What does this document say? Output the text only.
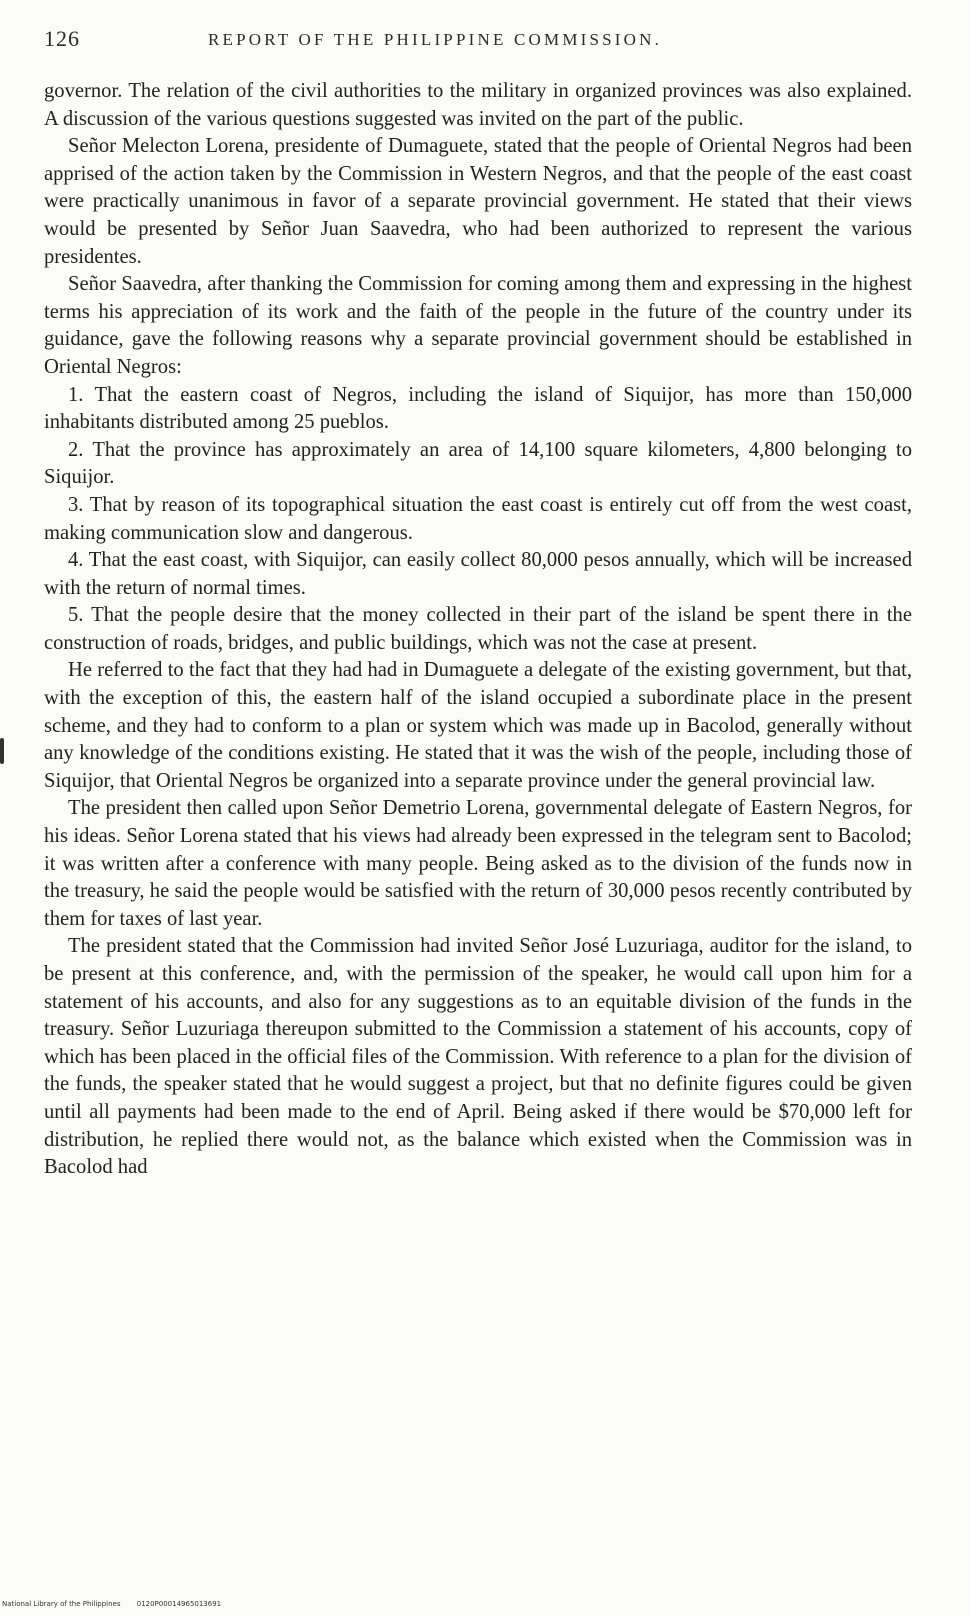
126	REPORT OF THE PHILIPPINE COMMISSION.

governor. The relation of the civil authorities to the military in organized provinces was also explained. A discussion of the various questions suggested was invited on the part of the public.

Señor Melecton Lorena, presidente of Dumaguete, stated that the people of Oriental Negros had been apprised of the action taken by the Commission in Western Negros, and that the people of the east coast were practically unanimous in favor of a separate provincial government. He stated that their views would be presented by Señor Juan Saavedra, who had been authorized to represent the various presidentes.

Señor Saavedra, after thanking the Commission for coming among them and expressing in the highest terms his appreciation of its work and the faith of the people in the future of the country under its guidance, gave the following reasons why a separate provincial government should be established in Oriental Negros:

1. That the eastern coast of Negros, including the island of Siquijor, has more than 150,000 inhabitants distributed among 25 pueblos.

2. That the province has approximately an area of 14,100 square kilometers, 4,800 belonging to Siquijor.

3. That by reason of its topographical situation the east coast is entirely cut off from the west coast, making communication slow and dangerous.

4. That the east coast, with Siquijor, can easily collect 80,000 pesos annually, which will be increased with the return of normal times.

5. That the people desire that the money collected in their part of the island be spent there in the construction of roads, bridges, and public buildings, which was not the case at present.

He referred to the fact that they had had in Dumaguete a delegate of the existing government, but that, with the exception of this, the eastern half of the island occupied a subordinate place in the present scheme, and they had to conform to a plan or system which was made up in Bacolod, generally without any knowledge of the conditions existing. He stated that it was the wish of the people, including those of Siquijor, that Oriental Negros be organized into a separate province under the general provincial law.

The president then called upon Señor Demetrio Lorena, governmental delegate of Eastern Negros, for his ideas. Señor Lorena stated that his views had already been expressed in the telegram sent to Bacolod; it was written after a conference with many people. Being asked as to the division of the funds now in the treasury, he said the people would be satisfied with the return of 30,000 pesos recently contributed by them for taxes of last year.

The president stated that the Commission had invited Señor José Luzuriaga, auditor for the island, to be present at this conference, and, with the permission of the speaker, he would call upon him for a statement of his accounts, and also for any suggestions as to an equitable division of the funds in the treasury. Señor Luzuriaga thereupon submitted to the Commission a statement of his accounts, copy of which has been placed in the official files of the Commission. With reference to a plan for the division of the funds, the speaker stated that he would suggest a project, but that no definite figures could be given until all payments had been made to the end of April. Being asked if there would be $70,000 left for distribution, he replied there would not, as the balance which existed when the Commission was in Bacolod had

National Library of the Philippines 0120P00014965013691
